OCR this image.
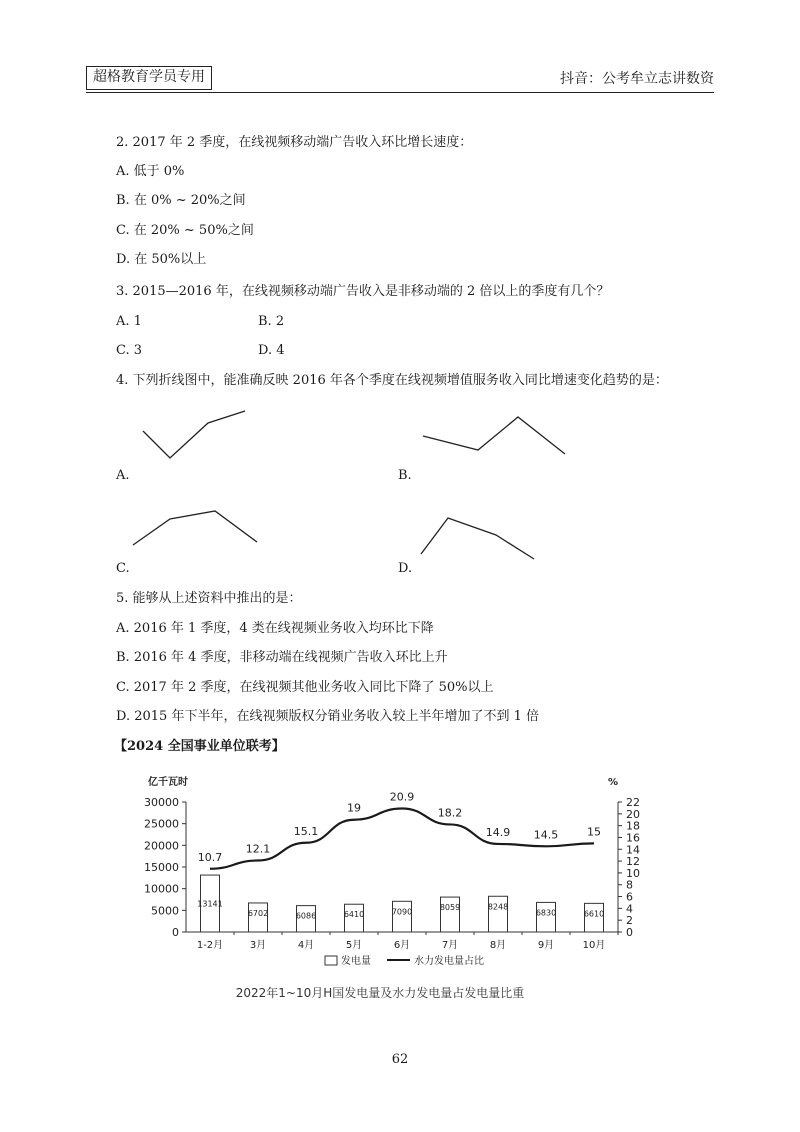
超格教育学员专用	抖音：公考牟立志讲数资
2. 2017 年 2 季度，在线视频移动端广告收入环比增长速度：
A. 低于 0%
B. 在 0% ~ 20%之间
C. 在 20% ~ 50%之间
D. 在 50%以上
3. 2015—2016 年，在线视频移动端广告收入是非移动端的 2 倍以上的季度有几个？
A. 1	B. 2
C. 3	D. 4
4. 下列折线图中，能准确反映 2016 年各个季度在线视频增值服务收入同比增速变化趋势的是：
A.	B.
C.	D.
5. 能够从上述资料中推出的是：
A. 2016 年 1 季度，4 类在线视频业务收入均环比下降
B. 2016 年 4 季度，非移动端在线视频广告收入环比上升
C. 2017 年 2 季度，在线视频其他业务收入同比下降了 50%以上
D. 2015 年下半年，在线视频版权分销业务收入较上半年增加了不到 1 倍
【2024 全国事业单位联考】
亿千瓦时	%
0
5000
10000
15000
20000
25000
30000
0
2
4
6
8
10
12
14
16
18
20
22
13141
6702	6086	6410	7090	8059	8248
6830	6610
10.7
12.1
15.1
19
20.9
18.2
14.9 14.5	15
1-2月	3月	4月	5月	6月	7月	8月	9月	10月
发电量	水力发电量占比
2022年1~10月H国发电量及水力发电量占发电量比重
62
